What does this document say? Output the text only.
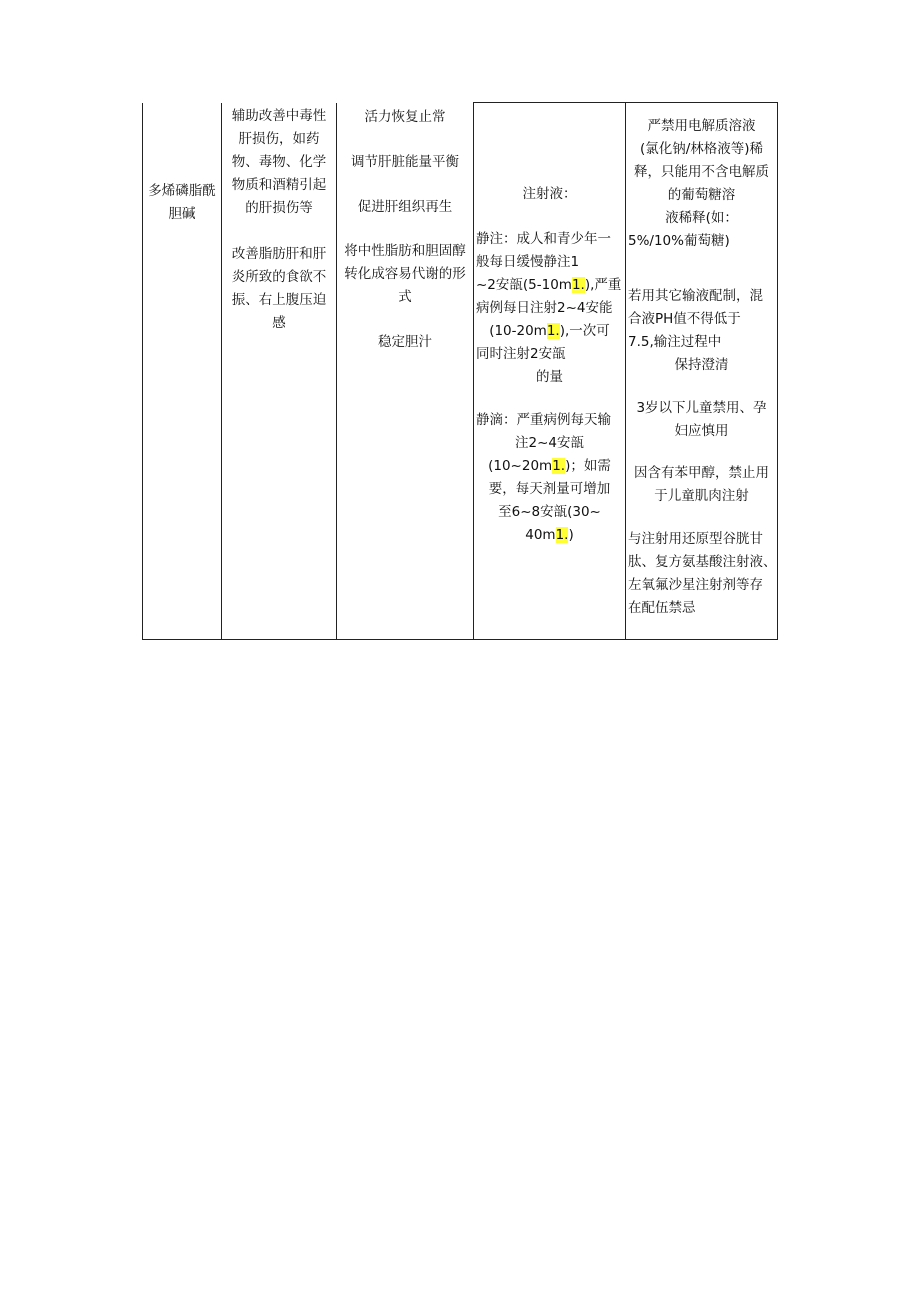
多烯磷脂酰
胆碱

辅助改善中毒性
肝损伤，如药
物、毒物、化学
物质和酒精引起
的肝损伤等
改善脂肪肝和肝
炎所致的食欲不
振、右上腹压迫
感

活力恢复止常
调节肝脏能量平衡
促进肝组织再生
将中性脂肪和胆固醇
转化成容易代谢的形
式
稳定胆汁

注射液：
静注：成人和青少年一
般每日缓慢静注1
~2安瓿(5-10m1.),严重
病例每日注射2~4安能
(10-20m1.),一次可
同时注射2安瓿
的量
静滴：严重病例每天输
注2~4安瓿
(10~20m1.)；如需
要，每天剂量可增加
至6~8安瓿(30~
40m1.)

严禁用电解质溶液
(氯化钠/林格液等)稀
释，只能用不含电解质
的葡萄糖溶
液稀释(如：
5%/10%葡萄糖)
若用其它输液配制，混
合液PH值不得低于
7.5,输注过程中
保持澄清
3岁以下儿童禁用、孕
妇应慎用
因含有苯甲醇，禁止用
于儿童肌肉注射
与注射用还原型谷胱甘
肽、复方氨基酸注射液、
左氧氟沙星注射剂等存
在配伍禁忌
